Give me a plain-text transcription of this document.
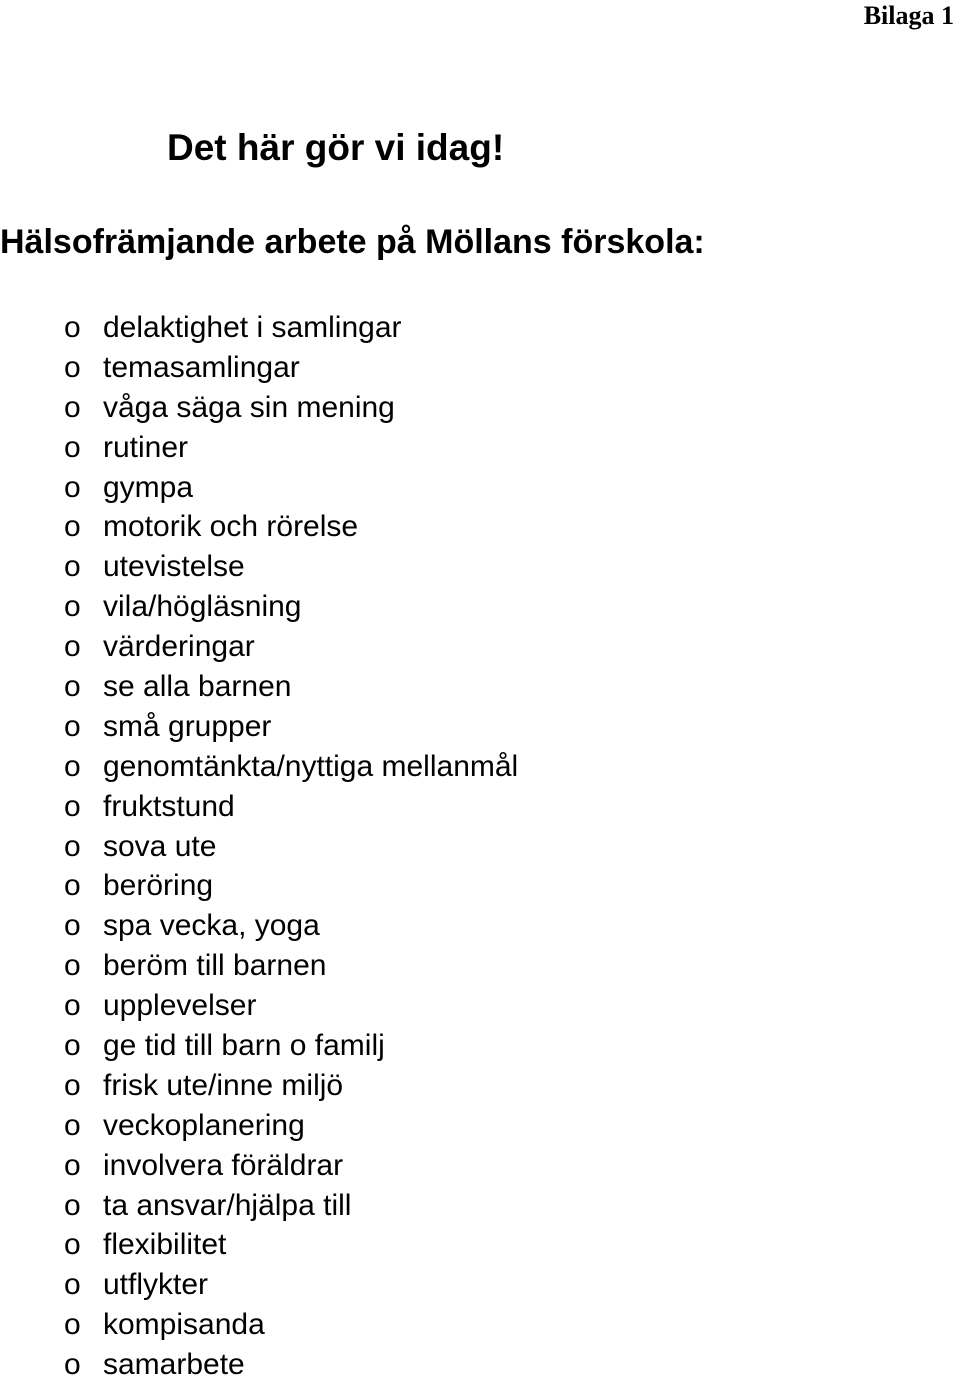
Bilaga 1
Det här gör vi idag!
Hälsofrämjande arbete på Möllans förskola:
o delaktighet i samlingar
o temasamlingar
o våga säga sin mening
o rutiner
o gympa
o motorik och rörelse
o utevistelse
o vila/högläsning
o värderingar
o se alla barnen
o små grupper
o genomtänkta/nyttiga mellanmål
o fruktstund
o sova ute
o beröring
o spa vecka, yoga
o beröm till barnen
o upplevelser
o ge tid till barn o familj
o frisk ute/inne miljö
o veckoplanering
o involvera föräldrar
o ta ansvar/hjälpa till
o flexibilitet
o utflykter
o kompisanda
o samarbete
